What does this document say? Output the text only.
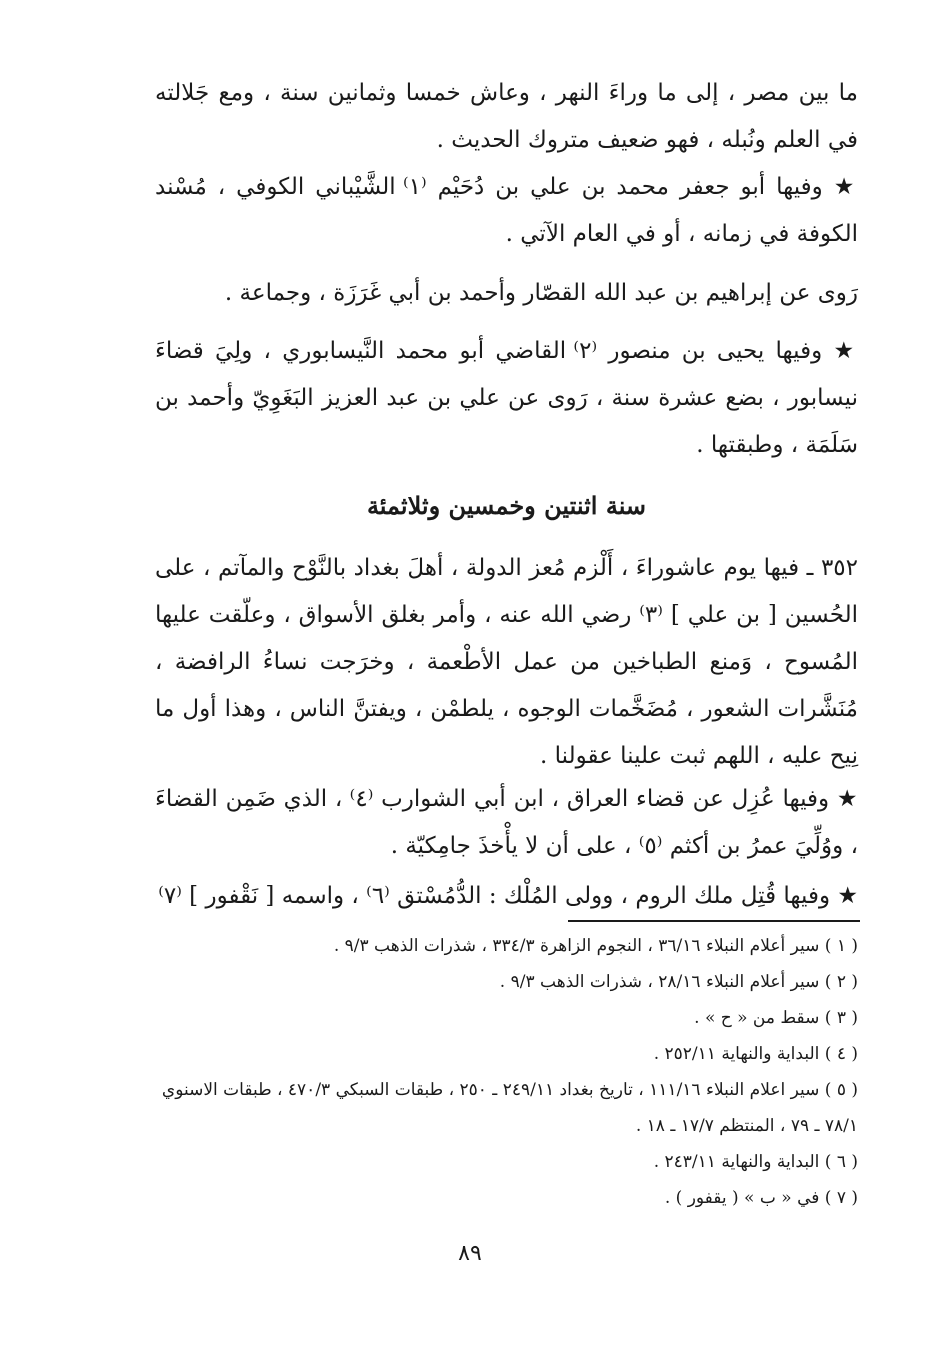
ما بين مصر ، إلى ما وراءَ النهر ، وعاش خمسا وثمانين سنة ، ومع جَلالته في العلم ونُبله ، فهو ضعيف متروك الحديث .

★ وفيها أبو جعفر محمد بن علي بن دُحَيْم ⁽١⁾ الشَّيْباني الكوفي ، مُسْند الكوفة في زمانه ، أو في العام الآتي .

رَوى عن إبراهيم بن عبد الله القصّار وأحمد بن أبي غَرَزَة ، وجماعة .

★ وفيها يحيى بن منصور ⁽٢⁾ القاضي أبو محمد النَّيسابوري ، ولِيَ قضاءَ نيسابور ، بضع عشرة سنة ، رَوى عن علي بن عبد العزيز البَغَوِيّ وأحمد بن سَلَمَة ، وطبقتها .

سنة اثنتين وخمسين وثلاثمئة

٣٥٢ ـ فيها يوم عاشوراءَ ، أَلْزم مُعز الدولة ، أهلَ بغداد بالنَّوْح والمآتم ، على الحُسين [ بن علي ] ⁽٣⁾ رضي الله عنه ، وأمر بغلق الأسواق ، وعلّقت عليها المُسوح ، وَمنع الطباخين من عمل الأطْعمة ، وخرَجت نساءُ الرافضة ، مُنَشَّرات الشعور ، مُضَخَّمات الوجوه ، يلطمْن ، ويفتنَّ الناس ، وهذا أول ما نِيح عليه ، اللهم ثبت علينا عقولنا .

★ وفيها عُزِل عن قضاء العراق ، ابن أبي الشوارب ⁽٤⁾ ، الذي ضَمِن القضاءَ ، ووُلِّيَ عمرُ بن أكثم ⁽٥⁾ ، على أن لا يأْخذَ جامِكيّة .

★ وفيها قُتِل ملك الروم ، وولى المُلْك : الدُّمُسْتق ⁽٦⁾ ، واسمه [ نَقْفور ] ⁽٧⁾

( ١ ) سير أعلام النبلاء ٣٦/١٦ ، النجوم الزاهرة ٣٣٤/٣ ، شذرات الذهب ٩/٣ .

( ٢ ) سير أعلام النبلاء ٢٨/١٦ ، شذرات الذهب ٩/٣ .

( ٣ ) سقط من « ح » .

( ٤ ) البداية والنهاية ٢٥٢/١١ .

( ٥ ) سير اعلام النبلاء ١١١/١٦ ، تاريخ بغداد ٢٤٩/١١ ـ ٢٥٠ ، طبقات السبكي ٤٧٠/٣ ، طبقات الاسنوي ٧٨/١ ـ ٧٩ ، المنتظم ١٧/٧ ـ ١٨ .

( ٦ ) البداية والنهاية ٢٤٣/١١ .

( ٧ ) في « ب » ( يقفور ) .

٨٩
